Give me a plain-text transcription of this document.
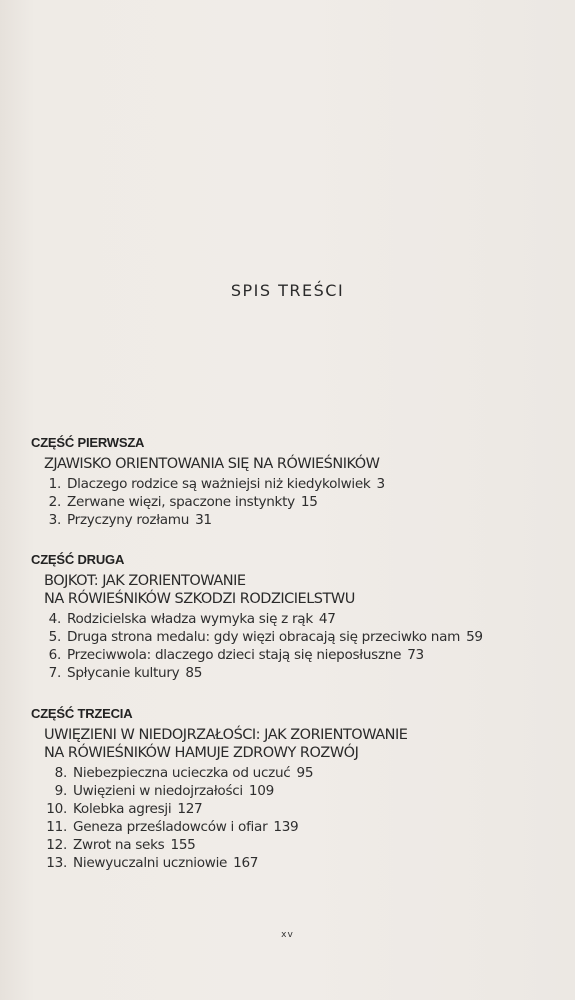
SPIS TREŚCI
CZĘŚĆ PIERWSZA
ZJAWISKO ORIENTOWANIA SIĘ NA RÓWIEŚNIKÓW
1. Dlaczego rodzice są ważniejsi niż kiedykolwiek 3
2. Zerwane więzi, spaczone instynkty 15
3. Przyczyny rozłamu 31
CZĘŚĆ DRUGA
BOJKOT: JAK ZORIENTOWANIE
NA RÓWIEŚNIKÓW SZKODZI RODZICIELSTWU
4. Rodzicielska władza wymyka się z rąk 47
5. Druga strona medalu: gdy więzi obracają się przeciwko nam 59
6. Przeciwwola: dlaczego dzieci stają się nieposłuszne 73
7. Spłycanie kultury 85
CZĘŚĆ TRZECIA
UWIĘZIENI W NIEDOJRZAŁOŚCI: JAK ZORIENTOWANIE
NA RÓWIEŚNIKÓW HAMUJE ZDROWY ROZWÓJ
8. Niebezpieczna ucieczka od uczuć 95
9. Uwięzieni w niedojrzałości 109
10. Kolebka agresji 127
11. Geneza prześladowców i ofiar 139
12. Zwrot na seks 155
13. Niewyuczalni uczniowie 167
xv
